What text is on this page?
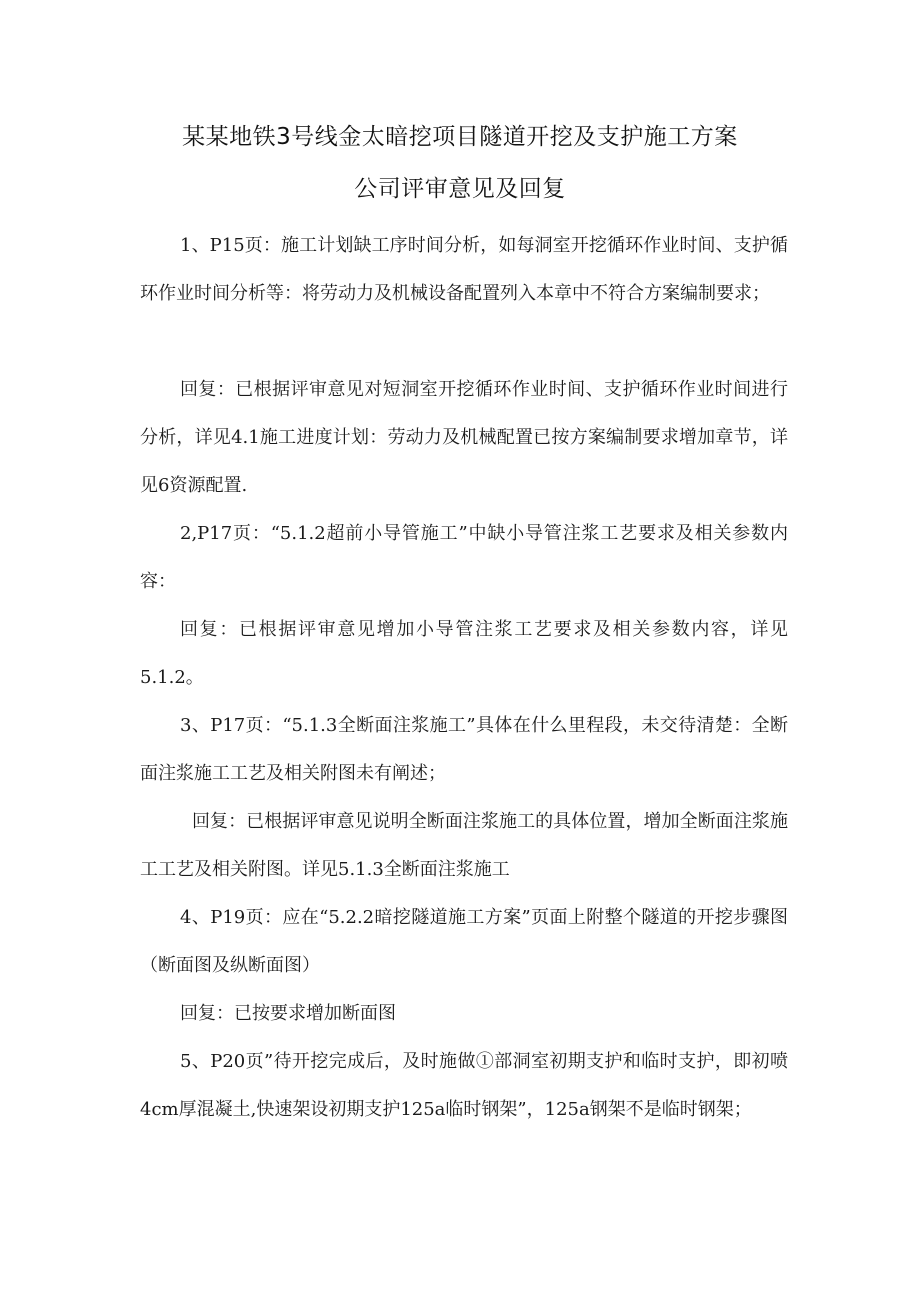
某某地铁3号线金太暗挖项目隧道开挖及支护施工方案
公司评审意见及回复

1、P15页：施工计划缺工序时间分析，如每洞室开挖循环作业时间、支护循环作业时间分析等：将劳动力及机械设备配置列入本章中不符合方案编制要求；

回复：已根据评审意见对短洞室开挖循环作业时间、支护循环作业时间进行分析，详见4.1施工进度计划：劳动力及机械配置已按方案编制要求增加章节，详见6资源配置.

2,P17页：“5.1.2超前小导管施工”中缺小导管注浆工艺要求及相关参数内容：

回复：已根据评审意见增加小导管注浆工艺要求及相关参数内容，详见5.1.2。

3、P17页：“5.1.3全断面注浆施工”具体在什么里程段，未交待清楚：全断面注浆施工工艺及相关附图未有阐述；

回复：已根据评审意见说明全断面注浆施工的具体位置，增加全断面注浆施工工艺及相关附图。详见5.1.3全断面注浆施工

4、P19页：应在“5.2.2暗挖隧道施工方案”页面上附整个隧道的开挖步骤图（断面图及纵断面图）

回复：已按要求增加断面图

5、P20页”待开挖完成后，及时施做①部洞室初期支护和临时支护，即初喷4cm厚混凝土,快速架设初期支护125a临时钢架”，125a钢架不是临时钢架；
